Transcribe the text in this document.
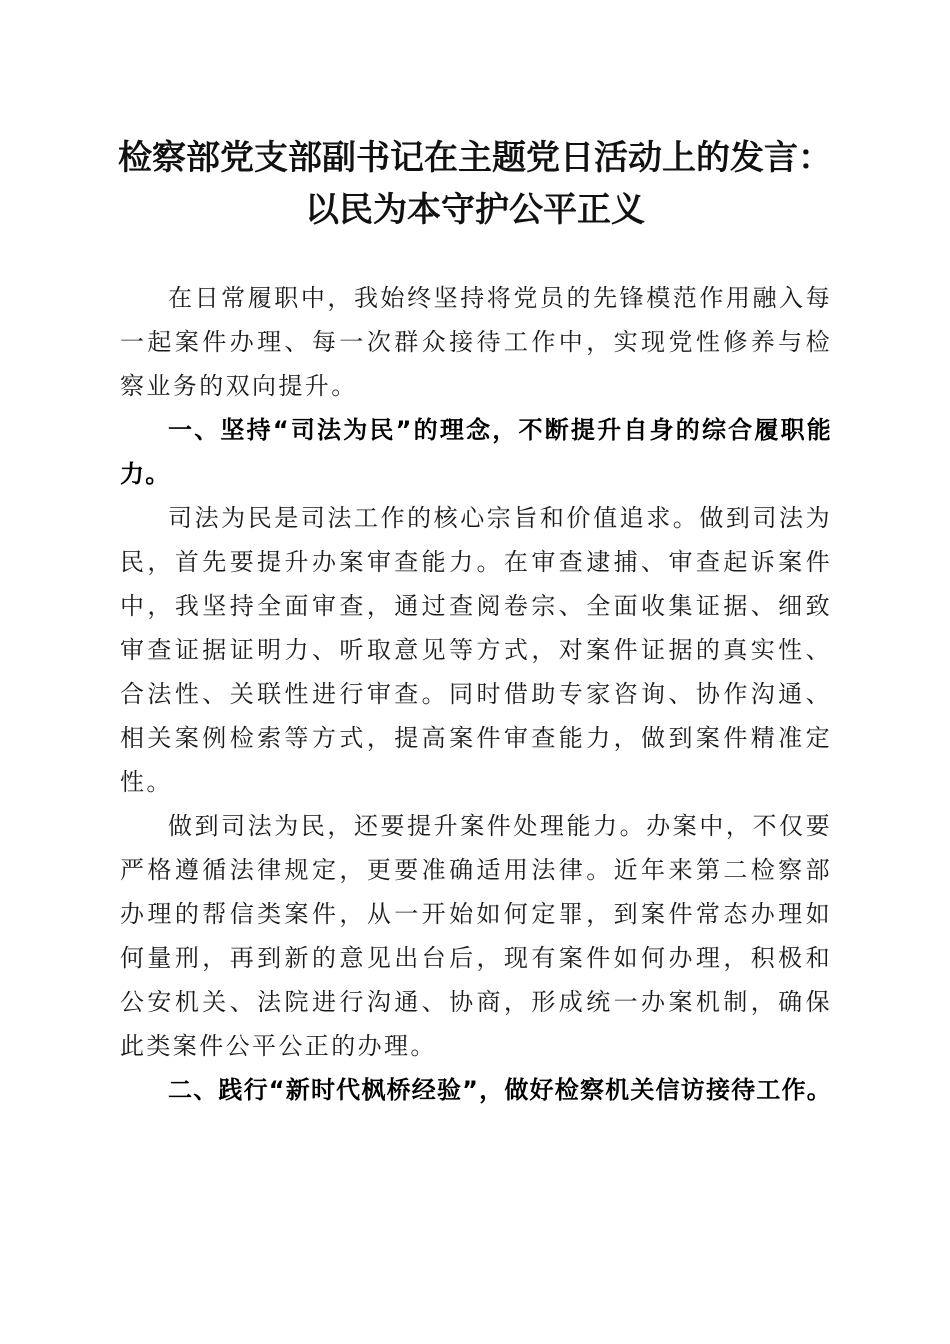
检察部党支部副书记在主题党日活动上的发言：
以民为本守护公平正义

在日常履职中，我始终坚持将党员的先锋模范作用融入每一起案件办理、每一次群众接待工作中，实现党性修养与检察业务的双向提升。

一、坚持“司法为民”的理念，不断提升自身的综合履职能力。

司法为民是司法工作的核心宗旨和价值追求。做到司法为民，首先要提升办案审查能力。在审查逮捕、审查起诉案件中，我坚持全面审查，通过查阅卷宗、全面收集证据、细致审查证据证明力、听取意见等方式，对案件证据的真实性、合法性、关联性进行审查。同时借助专家咨询、协作沟通、相关案例检索等方式，提高案件审查能力，做到案件精准定性。

做到司法为民，还要提升案件处理能力。办案中，不仅要严格遵循法律规定，更要准确适用法律。近年来第二检察部办理的帮信类案件，从一开始如何定罪，到案件常态办理如何量刑，再到新的意见出台后，现有案件如何办理，积极和公安机关、法院进行沟通、协商，形成统一办案机制，确保此类案件公平公正的办理。

二、践行“新时代枫桥经验”，做好检察机关信访接待工作。
